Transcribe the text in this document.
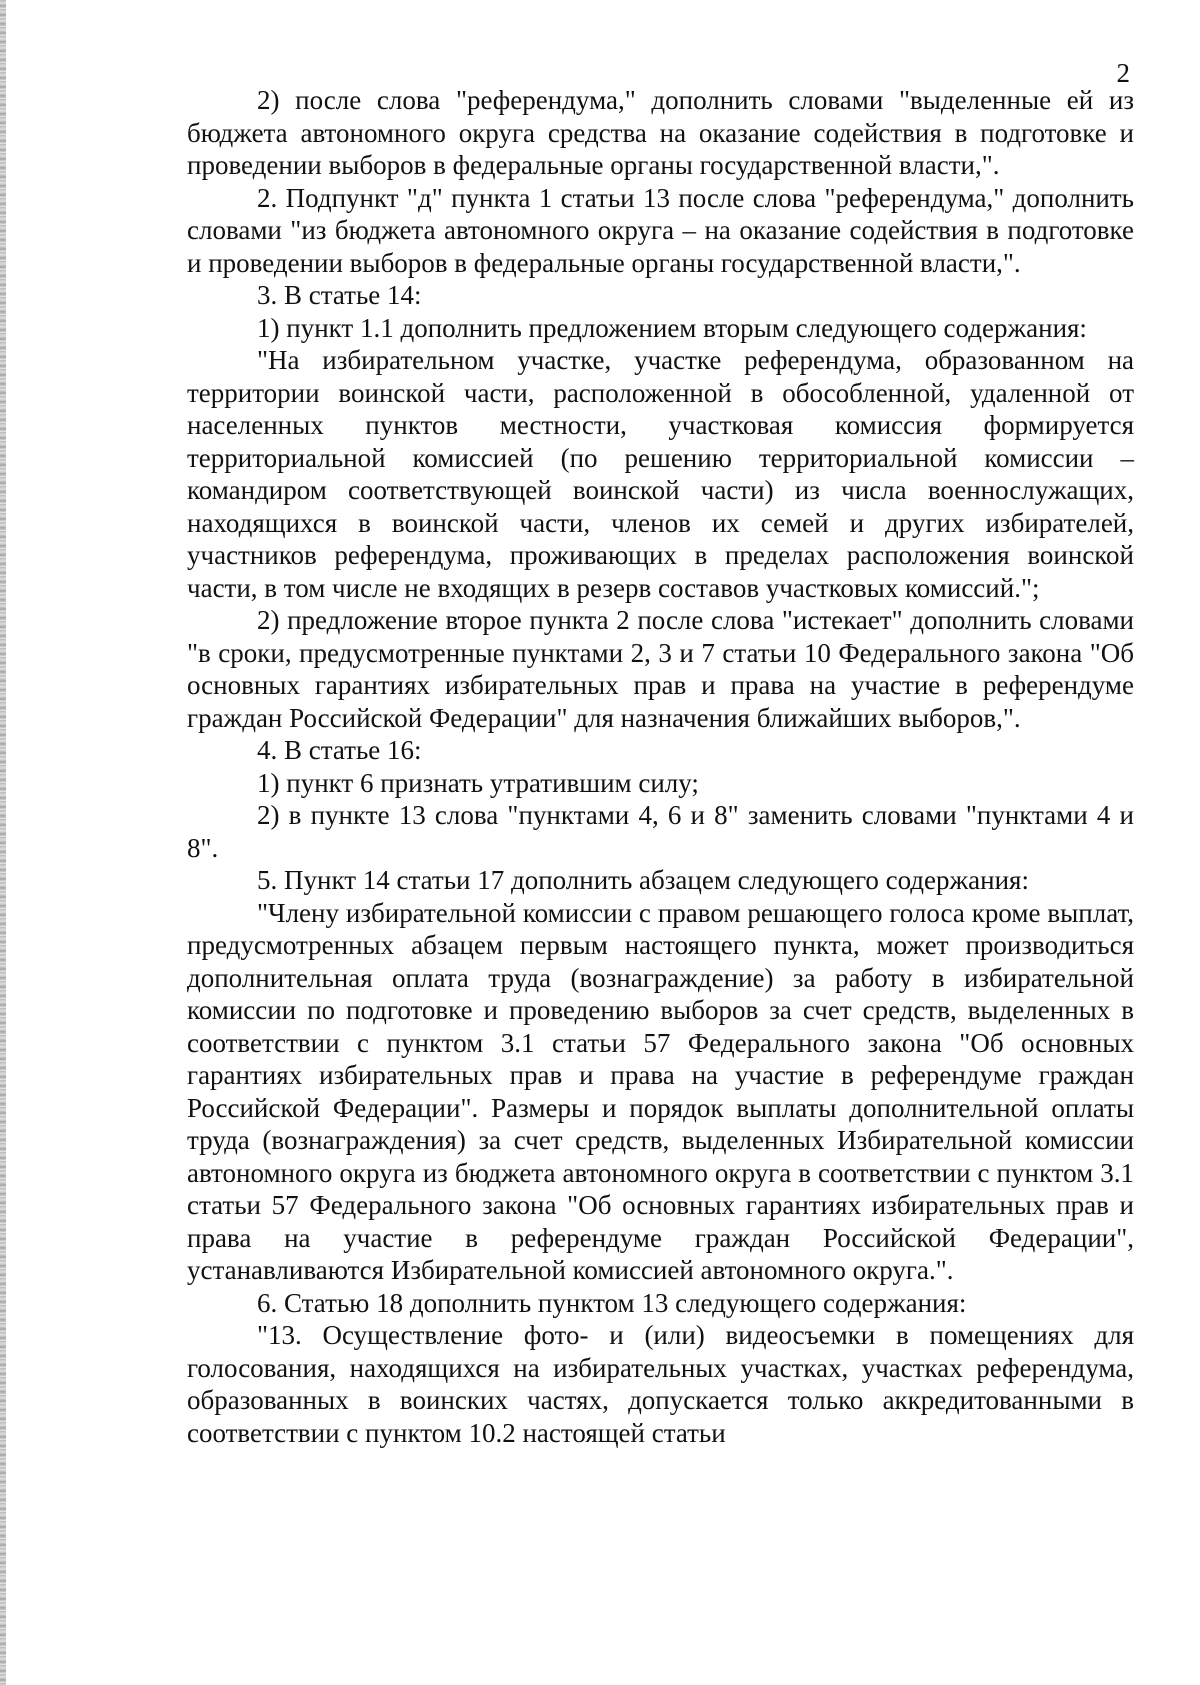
2

2) после слова "референдума," дополнить словами "выделенные ей из бюджета автономного округа средства на оказание содействия в подготовке и проведении выборов в федеральные органы государственной власти,".

2. Подпункт "д" пункта 1 статьи 13 после слова "референдума," дополнить словами "из бюджета автономного округа – на оказание содействия в подготовке и проведении выборов в федеральные органы государственной власти,".

3. В статье 14:

1) пункт 1.1 дополнить предложением вторым следующего содержания:

"На избирательном участке, участке референдума, образованном на территории воинской части, расположенной в обособленной, удаленной от населенных пунктов местности, участковая комиссия формируется территориальной комиссией (по решению территориальной комиссии – командиром соответствующей воинской части) из числа военнослужащих, находящихся в воинской части, членов их семей и других избирателей, участников референдума, проживающих в пределах расположения воинской части, в том числе не входящих в резерв составов участковых комиссий.";

2) предложение второе пункта 2 после слова "истекает" дополнить словами "в сроки, предусмотренные пунктами 2, 3 и 7 статьи 10 Федерального закона "Об основных гарантиях избирательных прав и права на участие в референдуме граждан Российской Федерации" для назначения ближайших выборов,".

4. В статье 16:

1) пункт 6 признать утратившим силу;

2) в пункте 13 слова "пунктами 4, 6 и 8" заменить словами "пунктами 4 и 8".

5. Пункт 14 статьи 17 дополнить абзацем следующего содержания:

"Члену избирательной комиссии с правом решающего голоса кроме выплат, предусмотренных абзацем первым настоящего пункта, может производиться дополнительная оплата труда (вознаграждение) за работу в избирательной комиссии по подготовке и проведению выборов за счет средств, выделенных в соответствии с пунктом 3.1 статьи 57 Федерального закона "Об основных гарантиях избирательных прав и права на участие в референдуме граждан Российской Федерации". Размеры и порядок выплаты дополнительной оплаты труда (вознаграждения) за счет средств, выделенных Избирательной комиссии автономного округа из бюджета автономного округа в соответствии с пунктом 3.1 статьи 57 Федерального закона "Об основных гарантиях избирательных прав и права на участие в референдуме граждан Российской Федерации", устанавливаются Избирательной комиссией автономного округа.".

6. Статью 18 дополнить пунктом 13 следующего содержания:

"13. Осуществление фото- и (или) видеосъемки в помещениях для голосования, находящихся на избирательных участках, участках референдума, образованных в воинских частях, допускается только аккредитованными в соответствии с пунктом 10.2 настоящей статьи
